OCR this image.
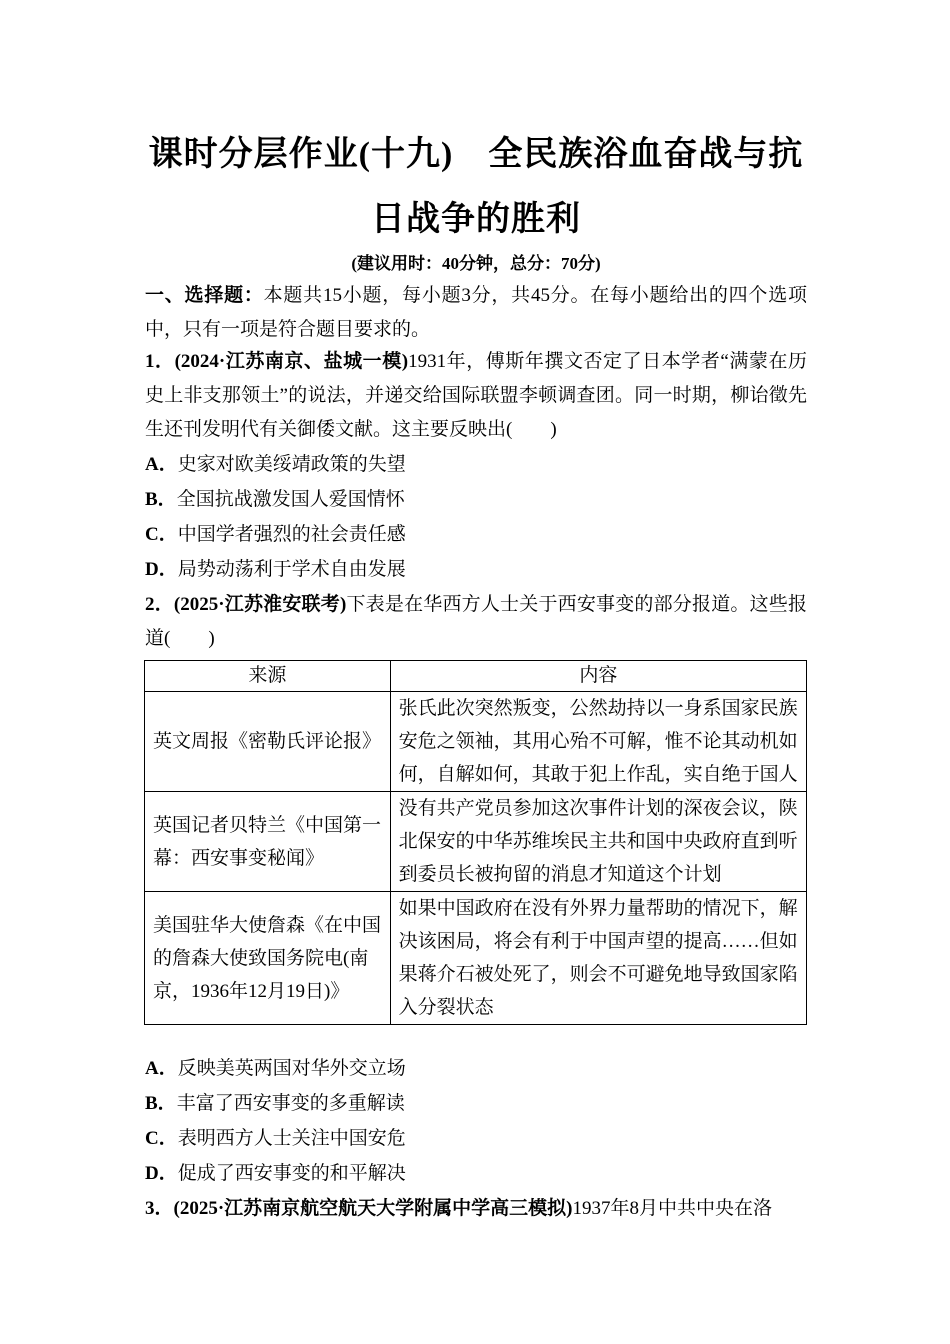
课时分层作业(十九)　全民族浴血奋战与抗
日战争的胜利
(建议用时：40分钟，总分：70分)
一、选择题：本题共15小题，每小题3分，共45分。在每小题给出的四个选项中，只有一项是符合题目要求的。
1．(2024·江苏南京、盐城一模)1931年，傅斯年撰文否定了日本学者“满蒙在历史上非支那领土”的说法，并递交给国际联盟李顿调查团。同一时期，柳诒徵先生还刊发明代有关御倭文献。这主要反映出(　　)
A．史家对欧美绥靖政策的失望
B．全国抗战激发国人爱国情怀
C．中国学者强烈的社会责任感
D．局势动荡利于学术自由发展
2．(2025·江苏淮安联考)下表是在华西方人士关于西安事变的部分报道。这些报道(　　)
来源	内容
英文周报《密勒氏评论报》	张氏此次突然叛变，公然劫持以一身系国家民族安危之领袖，其用心殆不可解，惟不论其动机如何，自解如何，其敢于犯上作乱，实自绝于国人
英国记者贝特兰《中国第一幕：西安事变秘闻》	没有共产党员参加这次事件计划的深夜会议，陕北保安的中华苏维埃民主共和国中央政府直到听到委员长被拘留的消息才知道这个计划
美国驻华大使詹森《在中国的詹森大使致国务院电(南京，1936年12月19日)》	如果中国政府在没有外界力量帮助的情况下，解决该困局，将会有利于中国声望的提高……但如果蒋介石被处死了，则会不可避免地导致国家陷入分裂状态
A．反映美英两国对华外交立场
B．丰富了西安事变的多重解读
C．表明西方人士关注中国安危
D．促成了西安事变的和平解决
3．(2025·江苏南京航空航天大学附属中学高三模拟)1937年8月中共中央在洛
